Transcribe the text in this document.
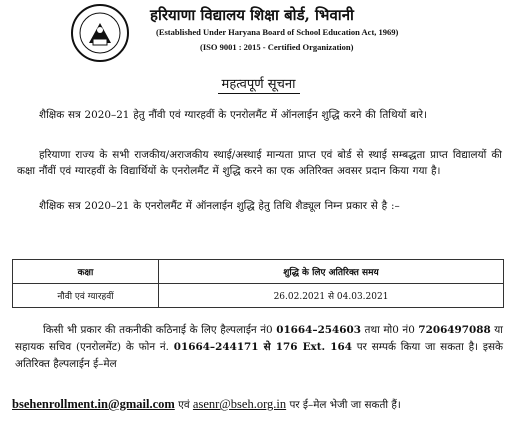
हरियाणा विद्यालय शिक्षा बोर्ड, भिवानी
(Established Under Haryana Board of School Education Act, 1969)
(ISO 9001 : 2015 - Certified Organization)
महत्वपूर्ण सूचना
शैक्षिक सत्र 2020–21 हेतु नौंवी एवं ग्यारहवीं के एनरोलमैंट में ऑनलाईन शुद्धि करने की तिथियों बारे।
हरियाणा राज्य के सभी राजकीय/अराजकीय स्थाई/अस्थाई मान्यता प्राप्त एवं बोर्ड से स्थाई सम्बद्धता प्राप्त विद्यालयों की कक्षा नौंवीं एवं ग्यारहवीं के विद्यार्थियों के एनरोलमैंट में शुद्धि करने का एक अतिरिक्त अवसर प्रदान किया गया है।
शैक्षिक सत्र 2020–21 के एनरोलमैंट में ऑनलाईन शुद्धि हेतु तिथि शैड्यूल निम्न प्रकार से है :–
कक्षा	शुद्धि के लिए अतिरिक्त समय
नौवी एवं ग्यारहवीं	26.02.2021 से 04.03.2021
किसी भी प्रकार की तकनीकी कठिनाई के लिए हैल्पलाईन नं0 01664–254603 तथा मो0 नं0 7206497088 या सहायक सचिव (एनरोलमेंट) के फोन नं. 01664–244171 से 176 Ext. 164 पर सम्पर्क किया जा सकता है। इसके अतिरिक्त हैल्पलाईन ई–मेल
bsehenrollment.in@gmail.com एवं asenr@bseh.org.in पर ई–मेल भेजी जा सकती हैं।
